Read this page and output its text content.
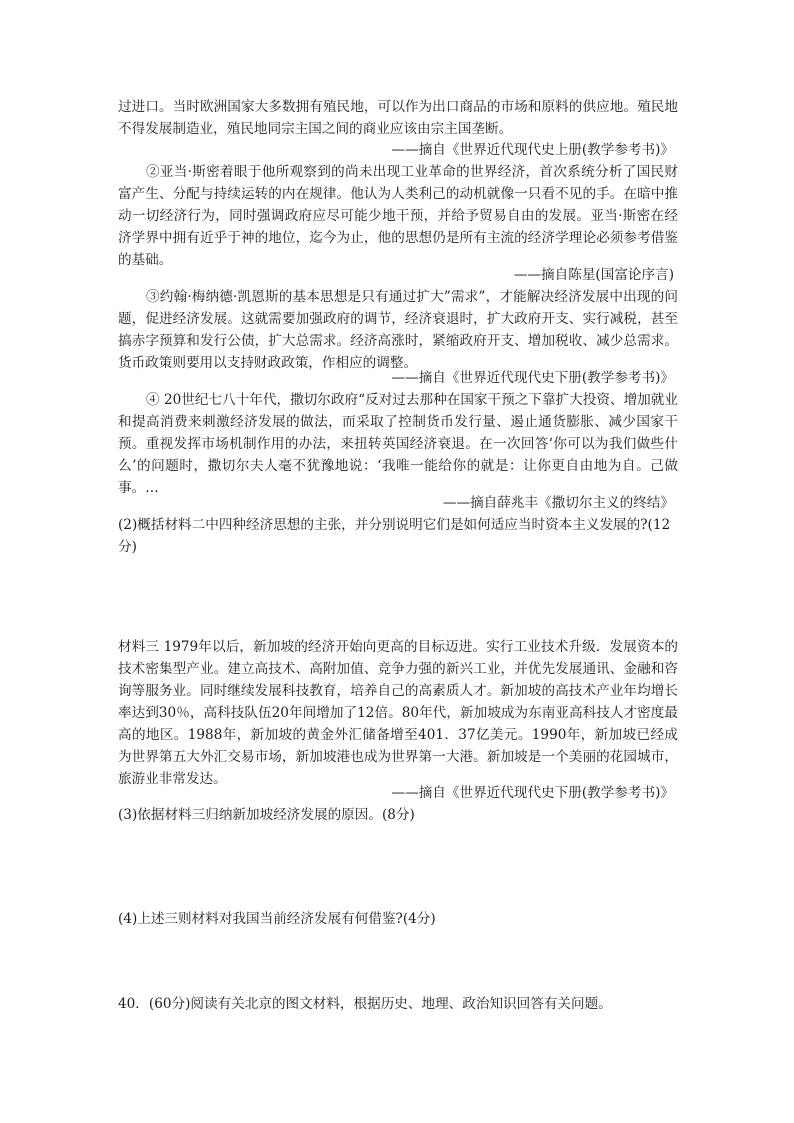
过进口。当时欧洲国家大多数拥有殖民地，可以作为出口商品的市场和原料的供应地。殖民地不得发展制造业，殖民地同宗主国之间的商业应该由宗主国垄断。

——摘自《世界近代现代史上册(教学参考书)》

②亚当·斯密着眼于他所观察到的尚未出现工业革命的世界经济，首次系统分析了国民财富产生、分配与持续运转的内在规律。他认为人类利己的动机就像一只看不见的手。在暗中推动一切经济行为，同时强调政府应尽可能少地干预，并给予贸易自由的发展。亚当·斯密在经济学界中拥有近乎于神的地位，迄今为止，他的思想仍是所有主流的经济学理论必须参考借鉴的基础。

——摘自陈星(国富论序言)

③约翰·梅纳德·凯恩斯的基本思想是只有通过扩大”需求”，才能解决经济发展中出现的问题，促进经济发展。这就需要加强政府的调节，经济衰退时，扩大政府开支、实行减税，甚至搞赤字预算和发行公债，扩大总需求。经济高涨时，紧缩政府开支、增加税收、减少总需求。货币政策则要用以支持财政政策，作相应的调整。

——摘自《世界近代现代史下册(教学参考书)》

④ 20世纪七八十年代，撒切尔政府“反对过去那种在国家干预之下靠扩大投资、增加就业和提高消费来刺激经济发展的做法，而采取了控制货币发行量、遏止通货膨胀、减少国家干预。重视发挥市场机制作用的办法，来扭转英国经济衰退。在一次回答‘你可以为我们做些什么’的问题时，撒切尔夫人毫不犹豫地说：‘我唯一能给你的就是：让你更自由地为自。己做事。…

——摘自薛兆丰《撒切尔主义的终结》

(2)概括材料二中四种经济思想的主张，并分别说明它们是如何适应当时资本主义发展的?(12分)

材料三 1979年以后，新加坡的经济开始向更高的目标迈进。实行工业技术升级．发展资本的技术密集型产业。建立高技术、高附加值、竞争力强的新兴工业，并优先发展通讯、金融和咨询等服务业。同时继续发展科技教育，培养自己的高素质人才。新加坡的高技术产业年均增长率达到30％，高科技队伍20年间增加了12倍。80年代，新加坡成为东南亚高科技人才密度最高的地区。1988年，新加坡的黄金外汇储备增至401．37亿美元。1990年，新加坡已经成为世界第五大外汇交易市场，新加坡港也成为世界第一大港。新加坡是一个美丽的花园城市，旅游业非常发达。

——摘自《世界近代现代史下册(教学参考书)》

(3)依据材料三归纳新加坡经济发展的原因。(8分)

(4)上述三则材料对我国当前经济发展有何借鉴?(4分)

40．(60分)阅读有关北京的图文材料，根据历史、地理、政治知识回答有关问题。
